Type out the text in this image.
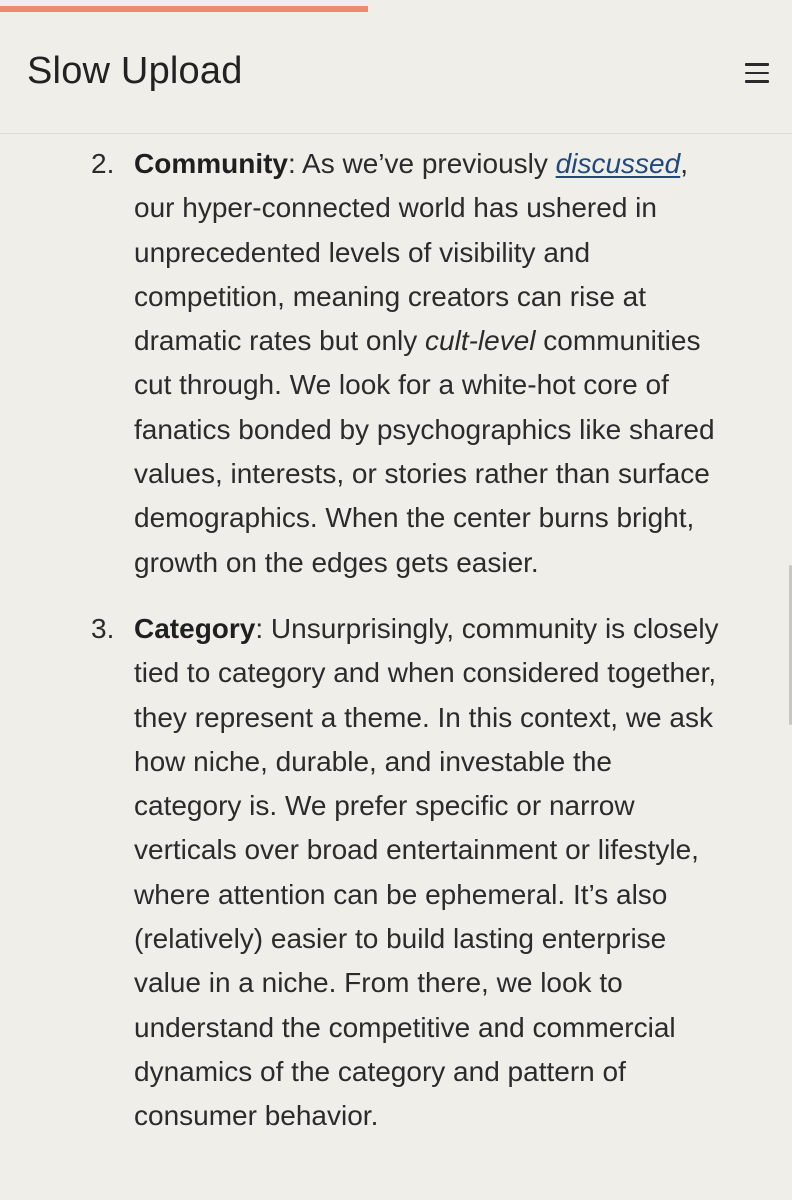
Slow Upload
2. Community: As we’ve previously discussed, our hyper-connected world has ushered in unprecedented levels of visibility and competition, meaning creators can rise at dramatic rates but only cult-level communities cut through. We look for a white-hot core of fanatics bonded by psychographics like shared values, interests, or stories rather than surface demographics. When the center burns bright, growth on the edges gets easier.
3. Category: Unsurprisingly, community is closely tied to category and when considered together, they represent a theme. In this context, we ask how niche, durable, and investable the category is. We prefer specific or narrow verticals over broad entertainment or lifestyle, where attention can be ephemeral. It’s also (relatively) easier to build lasting enterprise value in a niche. From there, we look to understand the competitive and commercial dynamics of the category and pattern of consumer behavior.
